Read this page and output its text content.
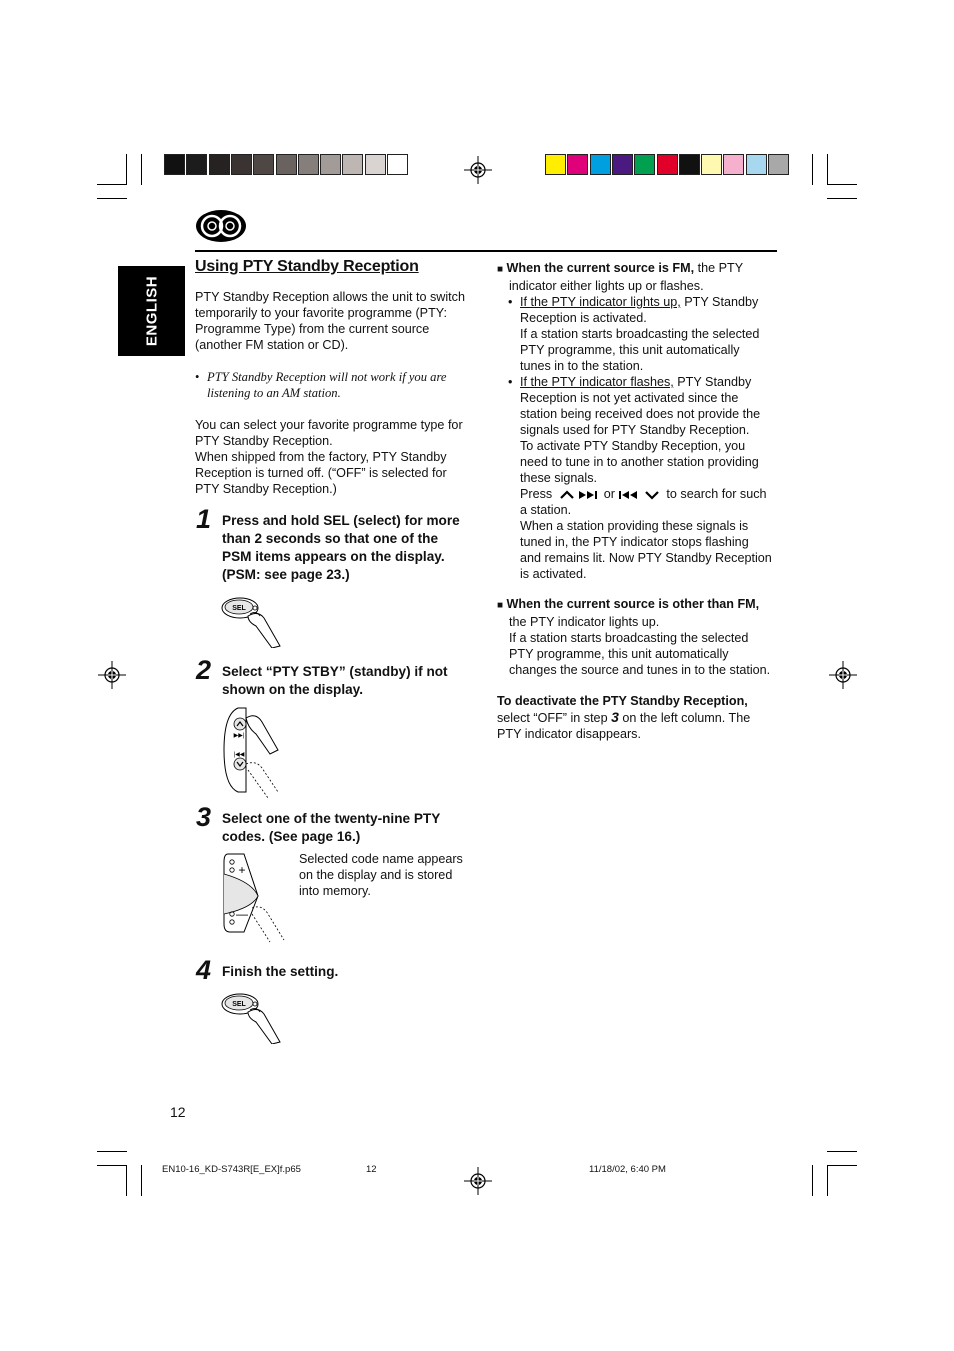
ENGLISH
Using PTY Standby Reception
PTY Standby Reception allows the unit to switch
temporarily to your favorite programme (PTY:
Programme Type) from the current source
(another FM station or CD).
• PTY Standby Reception will not work if you are
listening to an AM station.
You can select your favorite programme type for
PTY Standby Reception.
When shipped from the factory, PTY Standby
Reception is turned off. (“OFF” is selected for
PTY Standby Reception.)
1 Press and hold SEL (select) for more
than 2 seconds so that one of the
PSM items appears on the display.
(PSM: see page 23.)
SEL
2 Select “PTY STBY” (standby) if not
shown on the display.
▶▶|
|◀◀
3 Select one of the twenty-nine PTY
codes. (See page 16.)
+
—
Selected code name appears
on the display and is stored
into memory.
4 Finish the setting.
SEL
12
■ When the current source is FM, the PTY
indicator either lights up or flashes.
• If the PTY indicator lights up, PTY Standby
Reception is activated.
If a station starts broadcasting the selected
PTY programme, this unit automatically
tunes in to the station.
• If the PTY indicator flashes, PTY Standby
Reception is not yet activated since the
station being received does not provide the
signals used for PTY Standby Reception.
To activate PTY Standby Reception, you
need to tune in to another station providing
these signals.
Press	or	to search for such
a station.
When a station providing these signals is
tuned in, the PTY indicator stops flashing
and remains lit. Now PTY Standby Reception
is activated.
■ When the current source is other than FM,
the PTY indicator lights up.
If a station starts broadcasting the selected
PTY programme, this unit automatically
changes the source and tunes in to the station.
To deactivate the PTY Standby Reception,
select “OFF” in step 3 on the left column. The
PTY indicator disappears.
EN10-16_KD-S743R[E_EX]f.p65	12	11/18/02, 6:40 PM
